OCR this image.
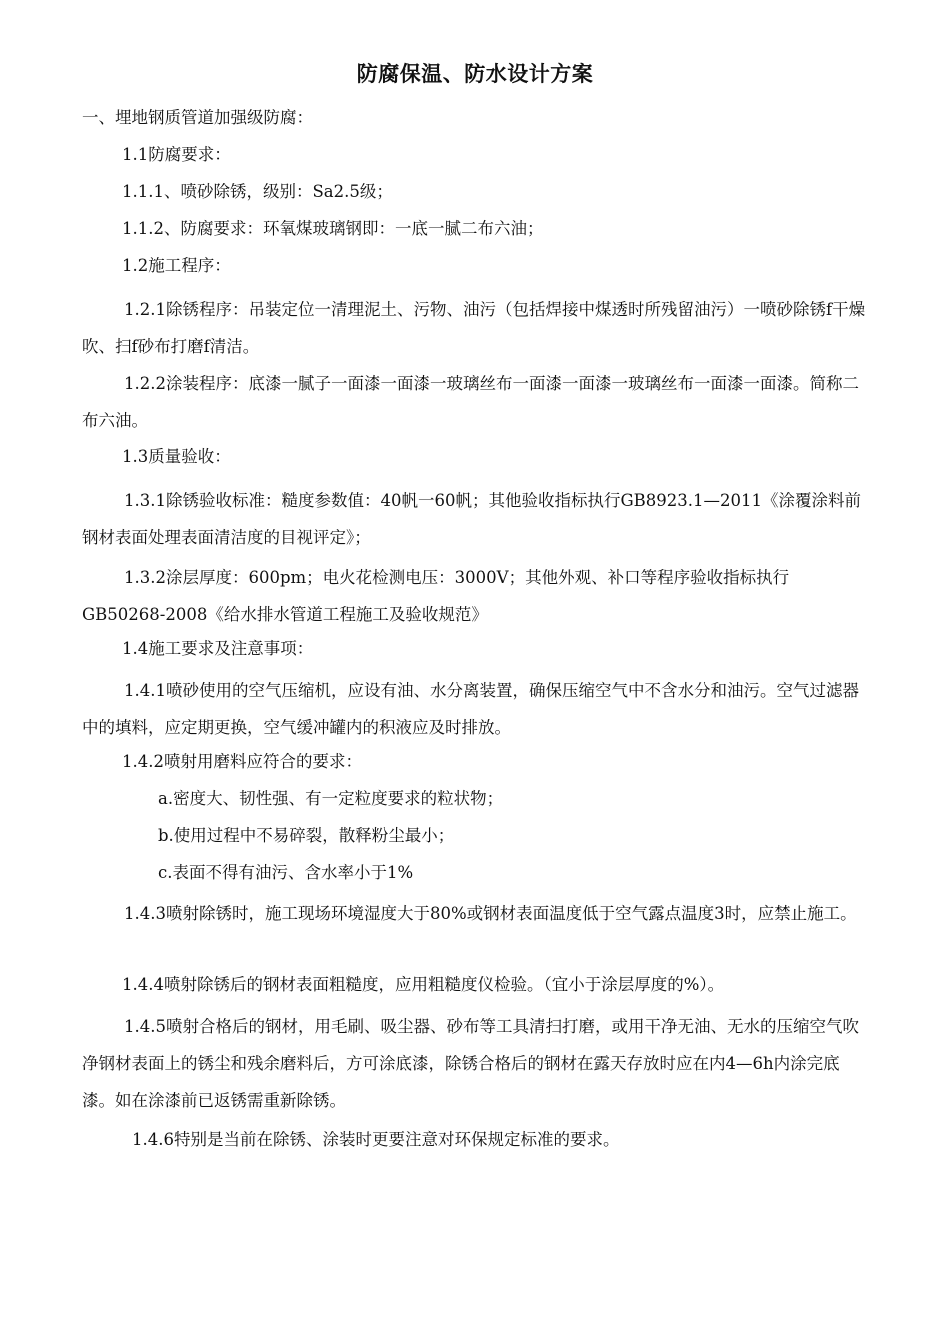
防腐保温、防水设计方案
一、埋地钢质管道加强级防腐：
1.1防腐要求：
1.1.1、喷砂除锈，级别：Sa2.5级；
1.1.2、防腐要求：环氧煤玻璃钢即：一底一腻二布六油；
1.2施工程序：
1.2.1除锈程序：吊装定位一清理泥土、污物、油污（包括焊接中煤透时所残留油污）一喷砂除锈f干燥吹、扫f砂布打磨f清洁。
1.2.2涂装程序：底漆一腻子一面漆一面漆一玻璃丝布一面漆一面漆一玻璃丝布一面漆一面漆。简称二布六油。
1.3质量验收：
1.3.1除锈验收标准：糙度参数值：40帆一60帆；其他验收指标执行GB8923.1—2011《涂覆涂料前钢材表面处理表面清洁度的目视评定》；
1.3.2涂层厚度：600pm；电火花检测电压：3000V；其他外观、补口等程序验收指标执行GB50268-2008《给水排水管道工程施工及验收规范》
1.4施工要求及注意事项：
1.4.1喷砂使用的空气压缩机，应设有油、水分离装置，确保压缩空气中不含水分和油污。空气过滤器中的填料，应定期更换，空气缓冲罐内的积液应及时排放。
1.4.2喷射用磨料应符合的要求：
a.密度大、韧性强、有一定粒度要求的粒状物；
b.使用过程中不易碎裂，散释粉尘最小；
c.表面不得有油污、含水率小于1%
1.4.3喷射除锈时，施工现场环境湿度大于80%或钢材表面温度低于空气露点温度3时，应禁止施工。
1.4.4喷射除锈后的钢材表面粗糙度，应用粗糙度仪检验。（宜小于涂层厚度的%）。
1.4.5喷射合格后的钢材，用毛刷、吸尘器、砂布等工具清扫打磨，或用干净无油、无水的压缩空气吹净钢材表面上的锈尘和残余磨料后，方可涂底漆，除锈合格后的钢材在露天存放时应在内4—6h内涂完底漆。如在涂漆前已返锈需重新除锈。
1.4.6特别是当前在除锈、涂装时更要注意对环保规定标准的要求。
